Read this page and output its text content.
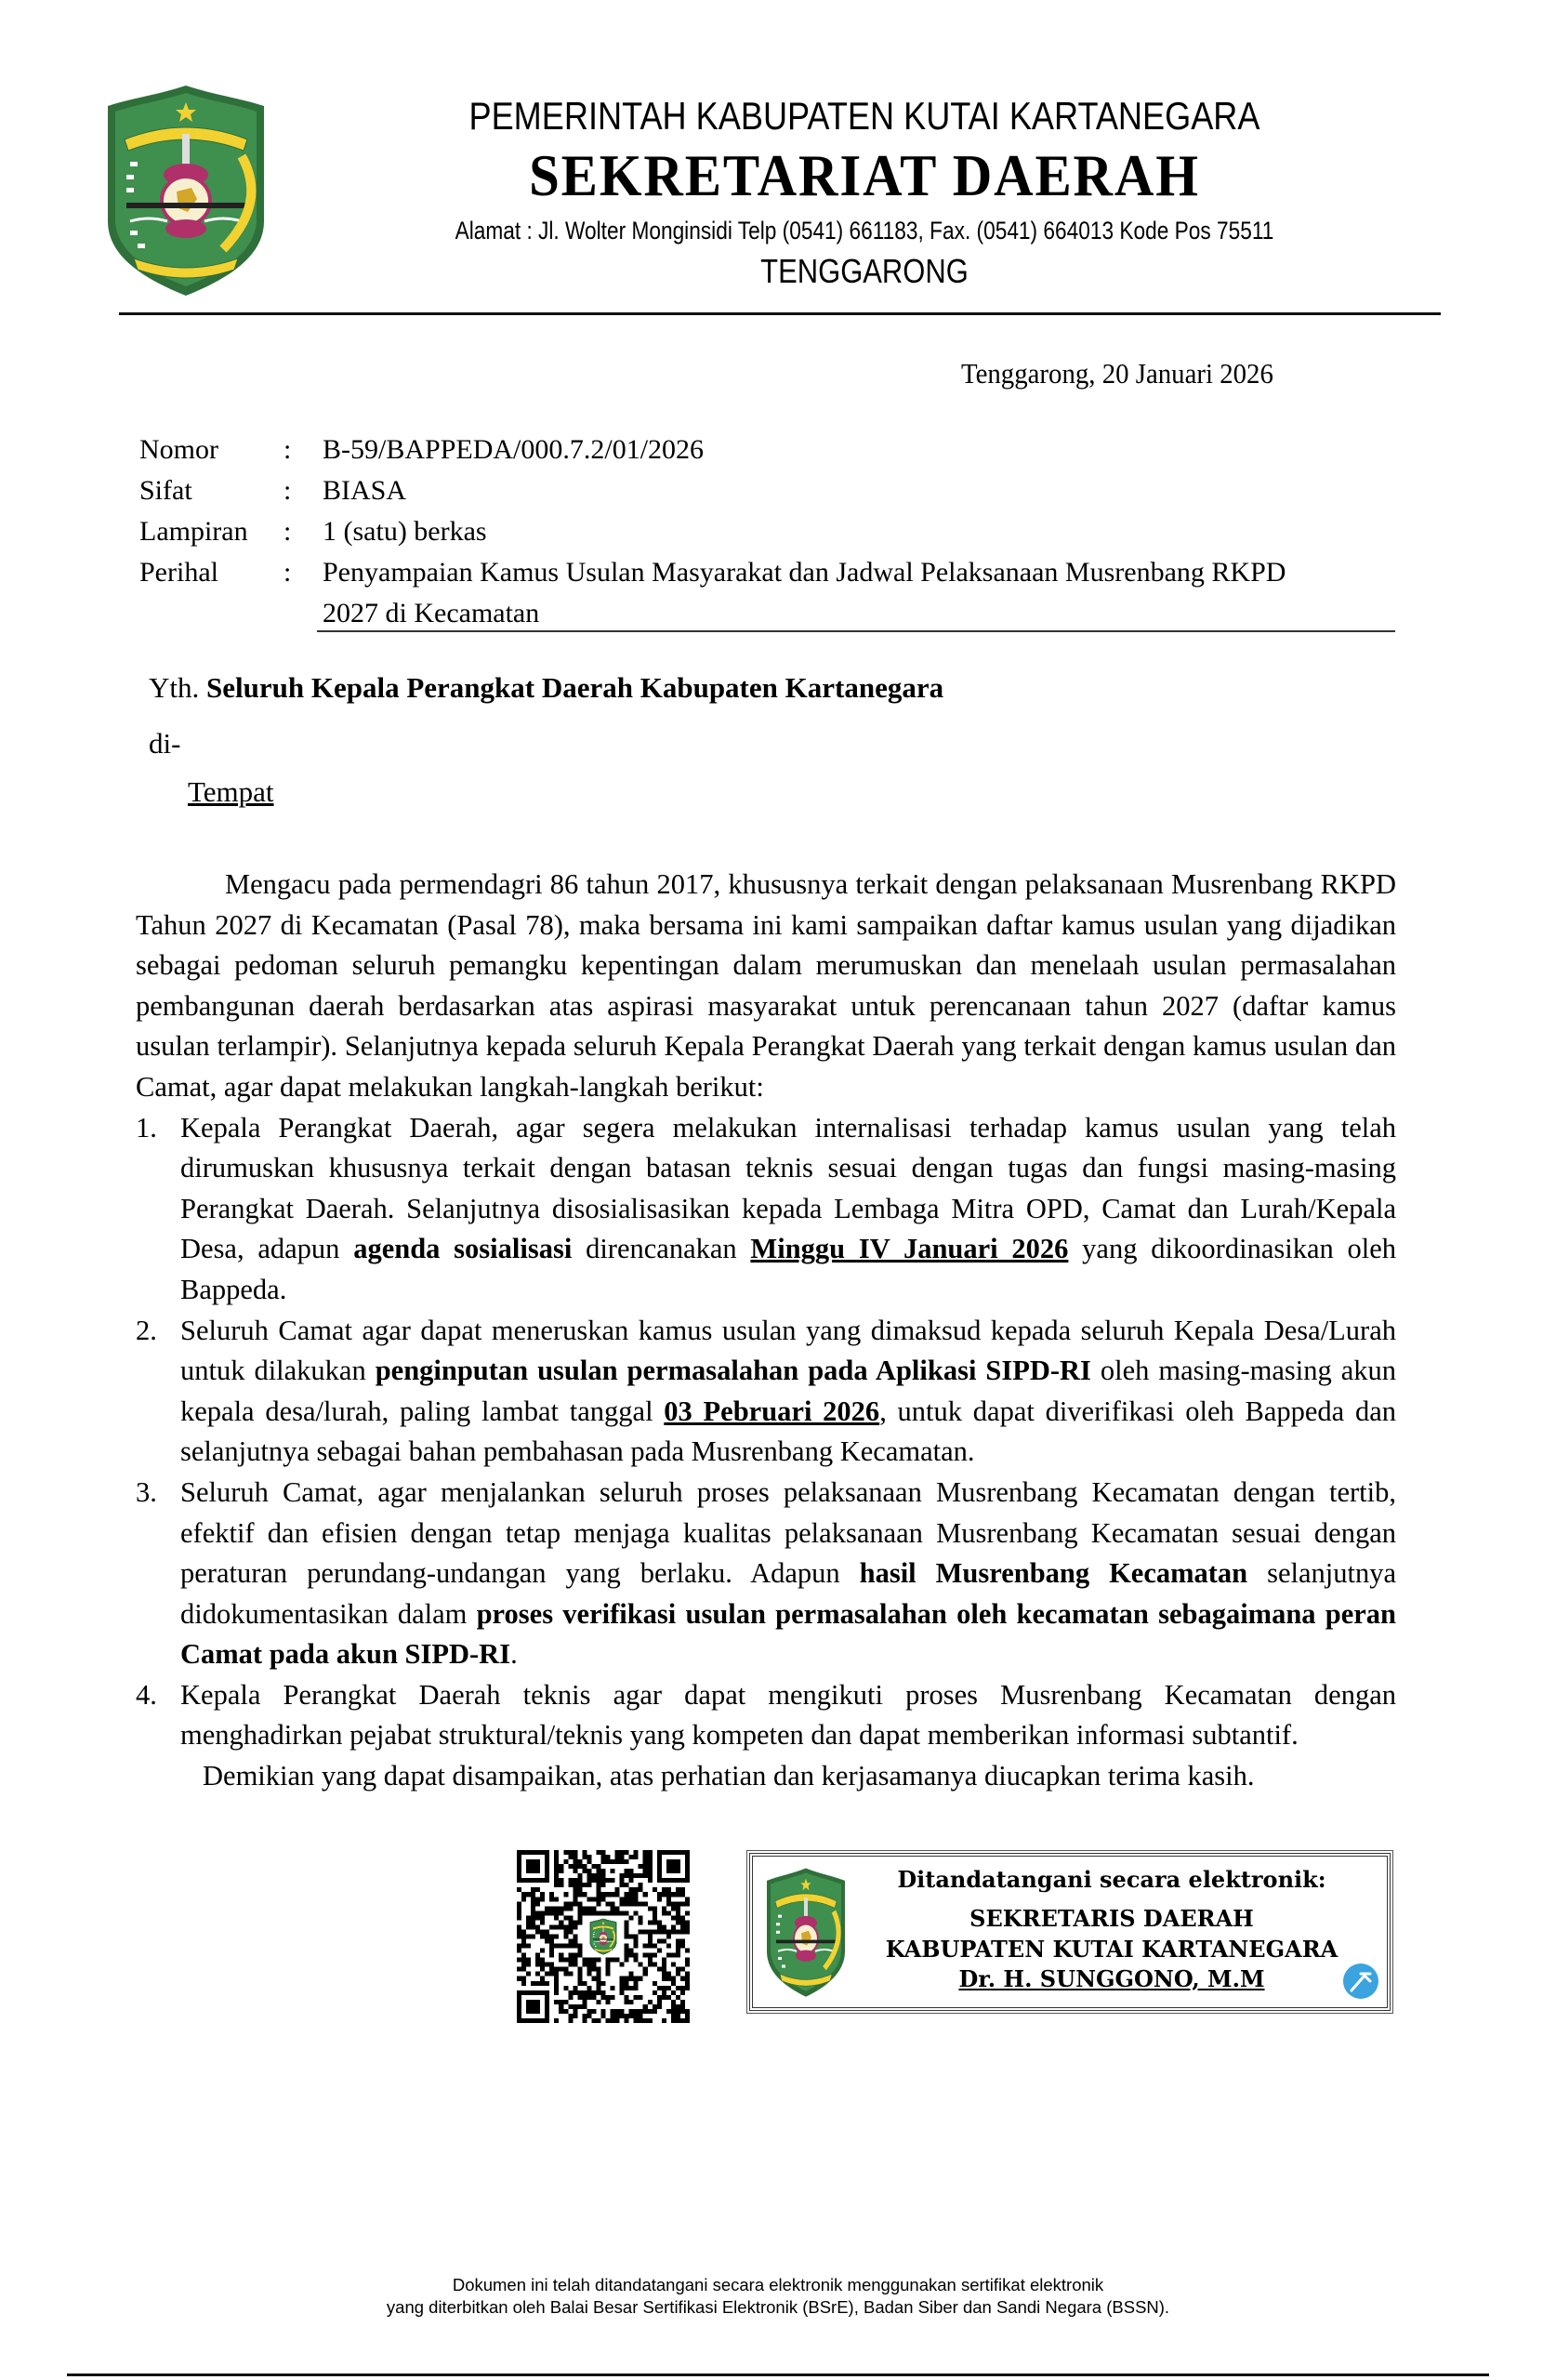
PEMERINTAH KABUPATEN KUTAI KARTANEGARA
SEKRETARIAT DAERAH
Alamat : Jl. Wolter Monginsidi Telp (0541) 661183, Fax. (0541) 664013 Kode Pos 75511
TENGGARONG
Tenggarong, 20 Januari 2026
Nomor	:	B-59/BAPPEDA/000.7.2/01/2026
Sifat	:	BIASA
Lampiran	:	1 (satu) berkas
Perihal	:	Penyampaian Kamus Usulan Masyarakat dan Jadwal Pelaksanaan Musrenbang RKPD 2027 di Kecamatan
Yth. Seluruh Kepala Perangkat Daerah Kabupaten Kartanegara
di-
Tempat

Mengacu pada permendagri 86 tahun 2017, khususnya terkait dengan pelaksanaan Musrenbang RKPD Tahun 2027 di Kecamatan (Pasal 78), maka bersama ini kami sampaikan daftar kamus usulan yang dijadikan sebagai pedoman seluruh pemangku kepentingan dalam merumuskan dan menelaah usulan permasalahan pembangunan daerah berdasarkan atas aspirasi masyarakat untuk perencanaan tahun 2027 (daftar kamus usulan terlampir). Selanjutnya kepada seluruh Kepala Perangkat Daerah yang terkait dengan kamus usulan dan Camat, agar dapat melakukan langkah-langkah berikut:

1. Kepala Perangkat Daerah, agar segera melakukan internalisasi terhadap kamus usulan yang telah dirumuskan khususnya terkait dengan batasan teknis sesuai dengan tugas dan fungsi masing-masing Perangkat Daerah. Selanjutnya disosialisasikan kepada Lembaga Mitra OPD, Camat dan Lurah/Kepala Desa, adapun agenda sosialisasi direncanakan Minggu IV Januari 2026 yang dikoordinasikan oleh Bappeda.
2. Seluruh Camat agar dapat meneruskan kamus usulan yang dimaksud kepada seluruh Kepala Desa/Lurah untuk dilakukan penginputan usulan permasalahan pada Aplikasi SIPD-RI oleh masing-masing akun kepala desa/lurah, paling lambat tanggal 03 Pebruari 2026, untuk dapat diverifikasi oleh Bappeda dan selanjutnya sebagai bahan pembahasan pada Musrenbang Kecamatan.
3. Seluruh Camat, agar menjalankan seluruh proses pelaksanaan Musrenbang Kecamatan dengan tertib, efektif dan efisien dengan tetap menjaga kualitas pelaksanaan Musrenbang Kecamatan sesuai dengan peraturan perundang-undangan yang berlaku. Adapun hasil Musrenbang Kecamatan selanjutnya didokumentasikan dalam proses verifikasi usulan permasalahan oleh kecamatan sebagaimana peran Camat pada akun SIPD-RI.
4. Kepala Perangkat Daerah teknis agar dapat mengikuti proses Musrenbang Kecamatan dengan menghadirkan pejabat struktural/teknis yang kompeten dan dapat memberikan informasi subtantif.

Demikian yang dapat disampaikan, atas perhatian dan kerjasamanya diucapkan terima kasih.

Ditandatangani secara elektronik:
SEKRETARIS DAERAH
KABUPATEN KUTAI KARTANEGARA
Dr. H. SUNGGONO, M.M
Dokumen ini telah ditandatangani secara elektronik menggunakan sertifikat elektronik
yang diterbitkan oleh Balai Besar Sertifikasi Elektronik (BSrE), Badan Siber dan Sandi Negara (BSSN).
